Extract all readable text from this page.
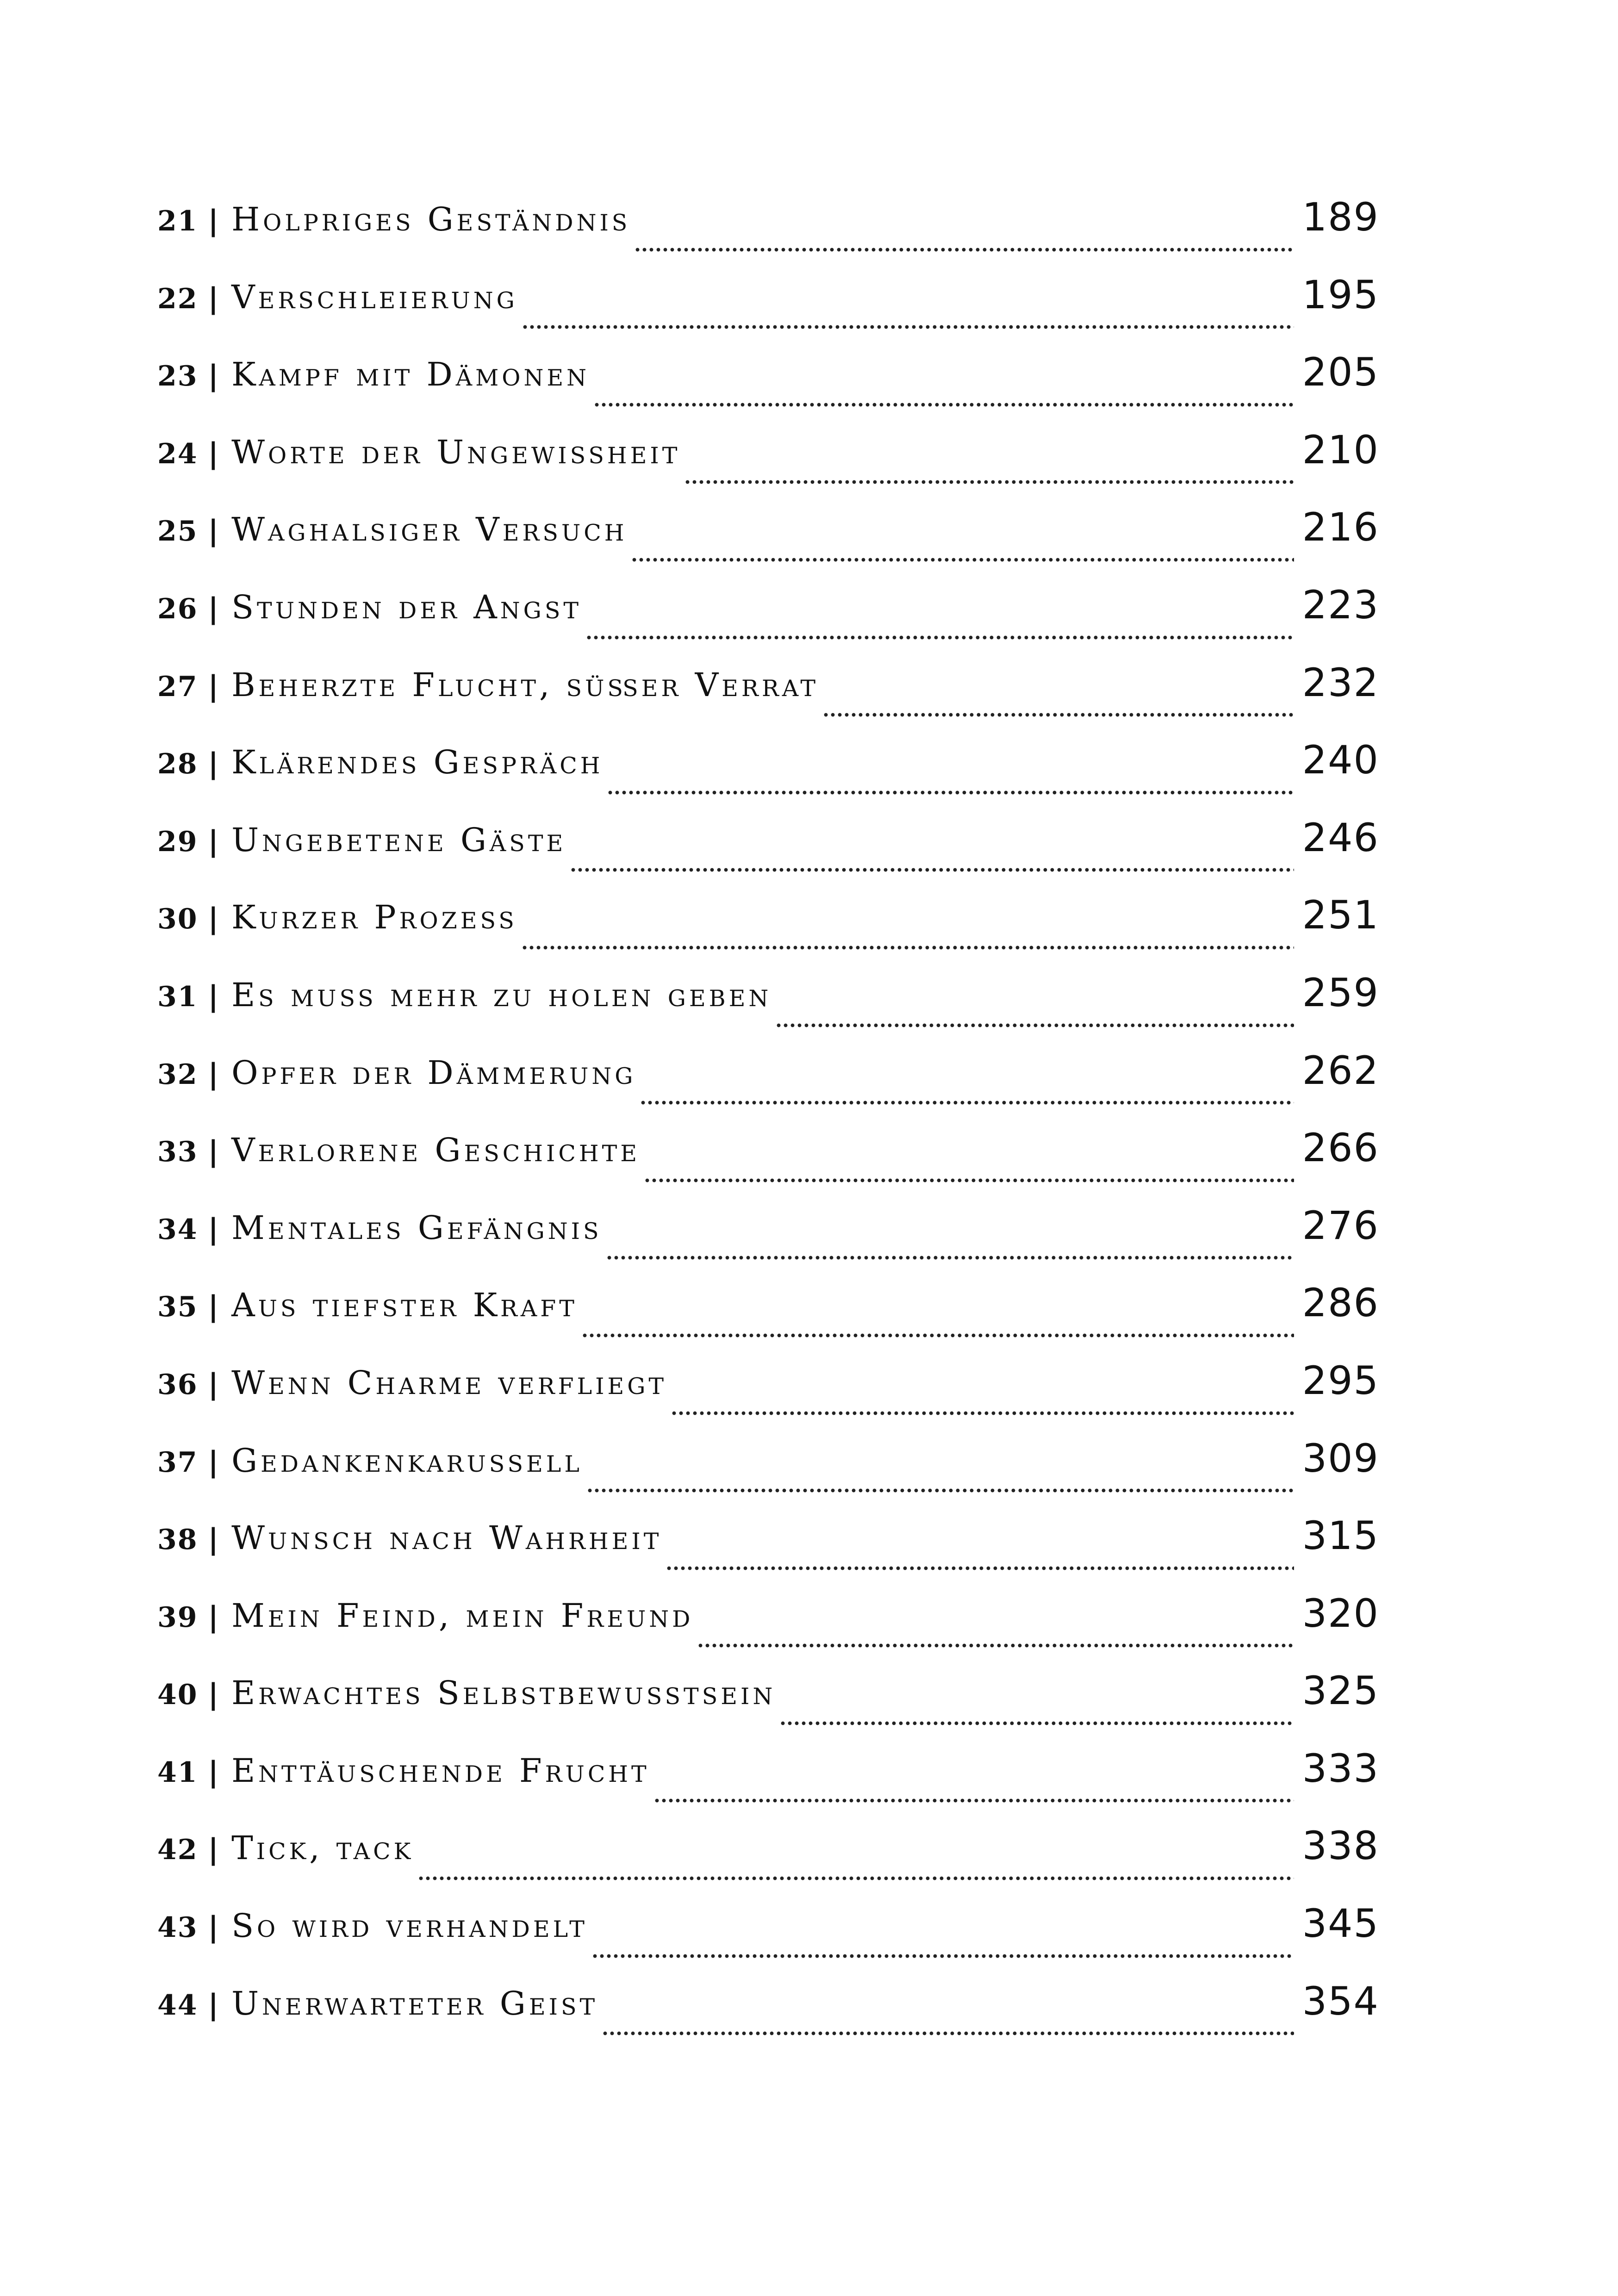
21 | Holpriges Geständnis	189
22 | Verschleierung	195
23 | Kampf mit Dämonen	205
24 | Worte der Ungewissheit	210
25 | Waghalsiger Versuch	216
26 | Stunden der Angst	223
27 | Beherzte Flucht, süßer Verrat	232
28 | Klärendes Gespräch	240
29 | Ungebetene Gäste	246
30 | Kurzer Prozess	251
31 | Es muss mehr zu holen geben	259
32 | Opfer der Dämmerung	262
33 | Verlorene Geschichte	266
34 | Mentales Gefängnis	276
35 | Aus tiefster Kraft	286
36 | Wenn Charme verfliegt	295
37 | Gedankenkarussell	309
38 | Wunsch nach Wahrheit	315
39 | Mein Feind, mein Freund	320
40 | Erwachtes Selbstbewusstsein	325
41 | Enttäuschende Frucht	333
42 | Tick, tack	338
43 | So wird verhandelt	345
44 | Unerwarteter Geist	354
